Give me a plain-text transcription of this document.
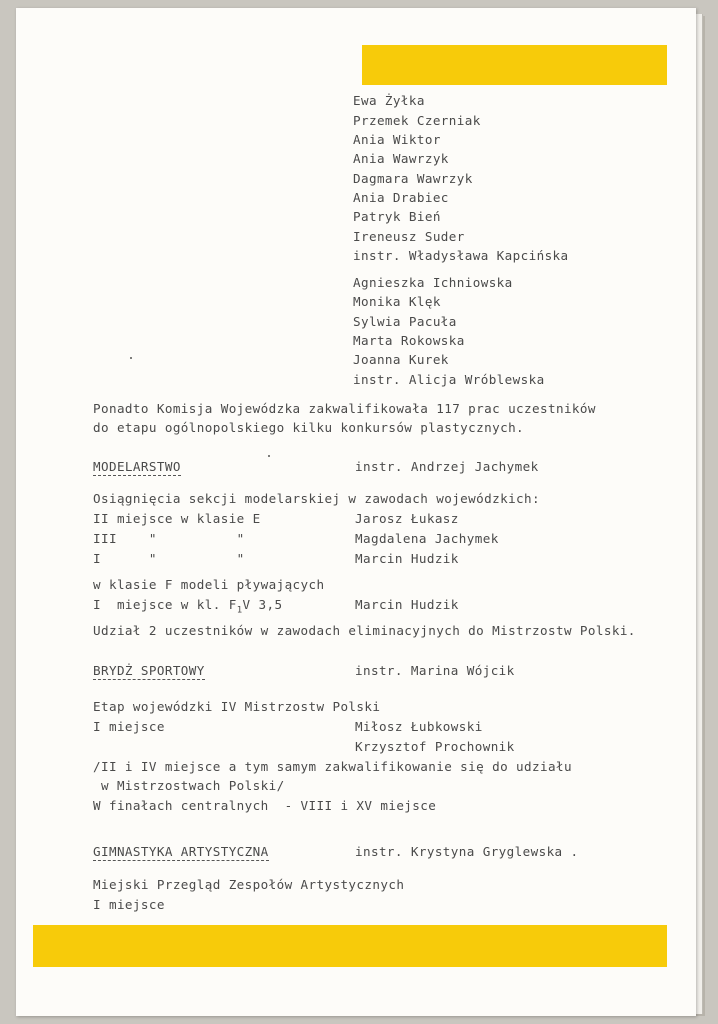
Ewa Żyłka
Przemek Czerniak
Ania Wiktor
Ania Wawrzyk
Dagmara Wawrzyk
Ania Drabiec
Patryk Bień
Ireneusz Suder
instr. Władysława Kapcińska
Agnieszka Ichniowska
Monika Klęk
Sylwia Pacuła
Marta Rokowska
Joanna Kurek
instr. Alicja Wróblewska
Ponadto Komisja Wojewódzka zakwalifikowała 117 prac uczestników
do etapu ogólnopolskiego kilku konkursów plastycznych.
MODELARSTWO	instr. Andrzej Jachymek
Osiągnięcia sekcji modelarskiej w zawodach wojewódzkich:
II miejsce w klasie E	Jarosz Łukasz
III    "          "	Magdalena Jachymek
I      "          "	Marcin Hudzik
w klasie F modeli pływających
I  miejsce w kl. $F_1V$ 3,5	Marcin Hudzik
Udział 2 uczestników w zawodach eliminacyjnych do Mistrzostw Polski.
BRYDŻ SPORTOWY	instr. Marina Wójcik
Etap wojewódzki IV Mistrzostw Polski
I miejsce	Miłosz Łubkowski
Krzysztof Prochownik
/II i IV miejsce a tym samym zakwalifikowanie się do udziału
w Mistrzostwach Polski/
W finałach centralnych  - VIII i XV miejsce
GIMNASTYKA ARTYSTYCZNA	instr. Krystyna Gryglewska .
Miejski Przegląd Zespołów Artystycznych
I miejsce
